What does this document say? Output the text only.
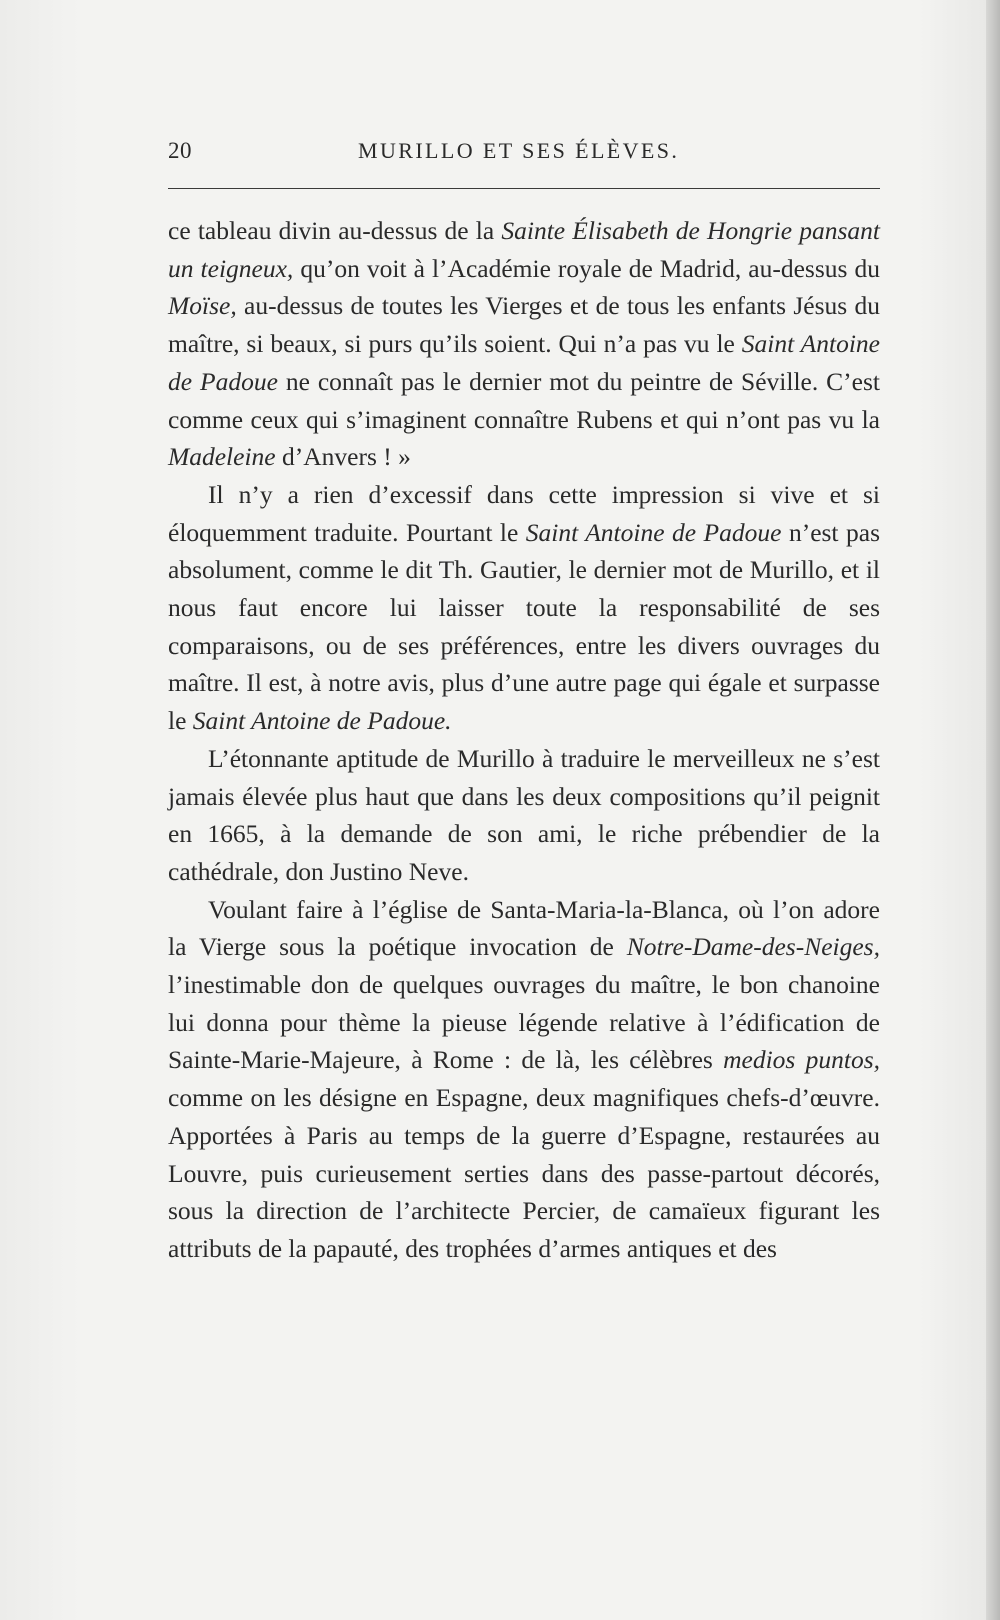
20	MURILLO ET SES ÉLÈVES.

ce tableau divin au-dessus de la Sainte Élisabeth de Hongrie pansant un teigneux, qu’on voit à l’Académie royale de Madrid, au-dessus du Moïse, au-dessus de toutes les Vierges et de tous les enfants Jésus du maître, si beaux, si purs qu’ils soient. Qui n’a pas vu le Saint Antoine de Padoue ne connaît pas le dernier mot du peintre de Séville. C’est comme ceux qui s’imaginent connaître Rubens et qui n’ont pas vu la Madeleine d’Anvers ! »

Il n’y a rien d’excessif dans cette impression si vive et si éloquemment traduite. Pourtant le Saint Antoine de Padoue n’est pas absolument, comme le dit Th. Gautier, le dernier mot de Murillo, et il nous faut encore lui laisser toute la responsabilité de ses comparaisons, ou de ses préférences, entre les divers ouvrages du maître. Il est, à notre avis, plus d’une autre page qui égale et surpasse le Saint Antoine de Padoue.

L’étonnante aptitude de Murillo à traduire le merveilleux ne s’est jamais élevée plus haut que dans les deux compositions qu’il peignit en 1665, à la demande de son ami, le riche prébendier de la cathédrale, don Justino Neve.

Voulant faire à l’église de Santa-Maria-la-Blanca, où l’on adore la Vierge sous la poétique invocation de Notre-Dame-des-Neiges, l’inestimable don de quelques ouvrages du maître, le bon chanoine lui donna pour thème la pieuse légende relative à l’édification de Sainte-Marie-Majeure, à Rome : de là, les célèbres medios puntos, comme on les désigne en Espagne, deux magnifiques chefs-d’œuvre. Apportées à Paris au temps de la guerre d’Espagne, restaurées au Louvre, puis curieusement serties dans des passe-partout décorés, sous la direction de l’architecte Percier, de camaïeux figurant les attributs de la papauté, des trophées d’armes antiques et des
